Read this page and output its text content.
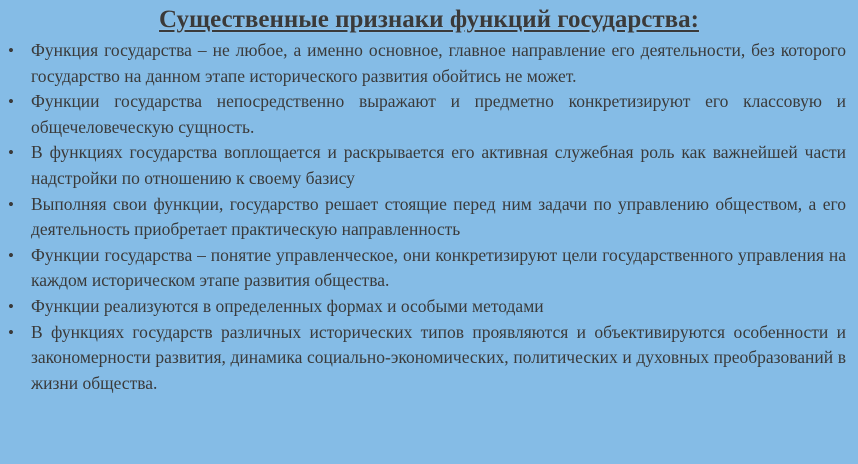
Существенные признаки функций государства:
• Функция государства – не любое, а именно основное, главное направление его деятельности, без которого государство на данном этапе исторического развития обойтись не может.
• Функции государства непосредственно выражают и предметно конкретизируют его классовую и общечеловеческую сущность.
• В функциях государства воплощается и раскрывается его активная служебная роль как важнейшей части надстройки по отношению к своему базису
• Выполняя свои функции, государство решает стоящие перед ним задачи по управлению обществом, а его деятельность приобретает практическую направленность
• Функции государства – понятие управленческое, они конкретизируют цели государственного управления на каждом историческом этапе развития общества.
• Функции реализуются в определенных формах и особыми методами
• В функциях государств различных исторических типов проявляются и объективируются особенности и закономерности развития, динамика социально-экономических, политических и духовных преобразований в жизни общества.
